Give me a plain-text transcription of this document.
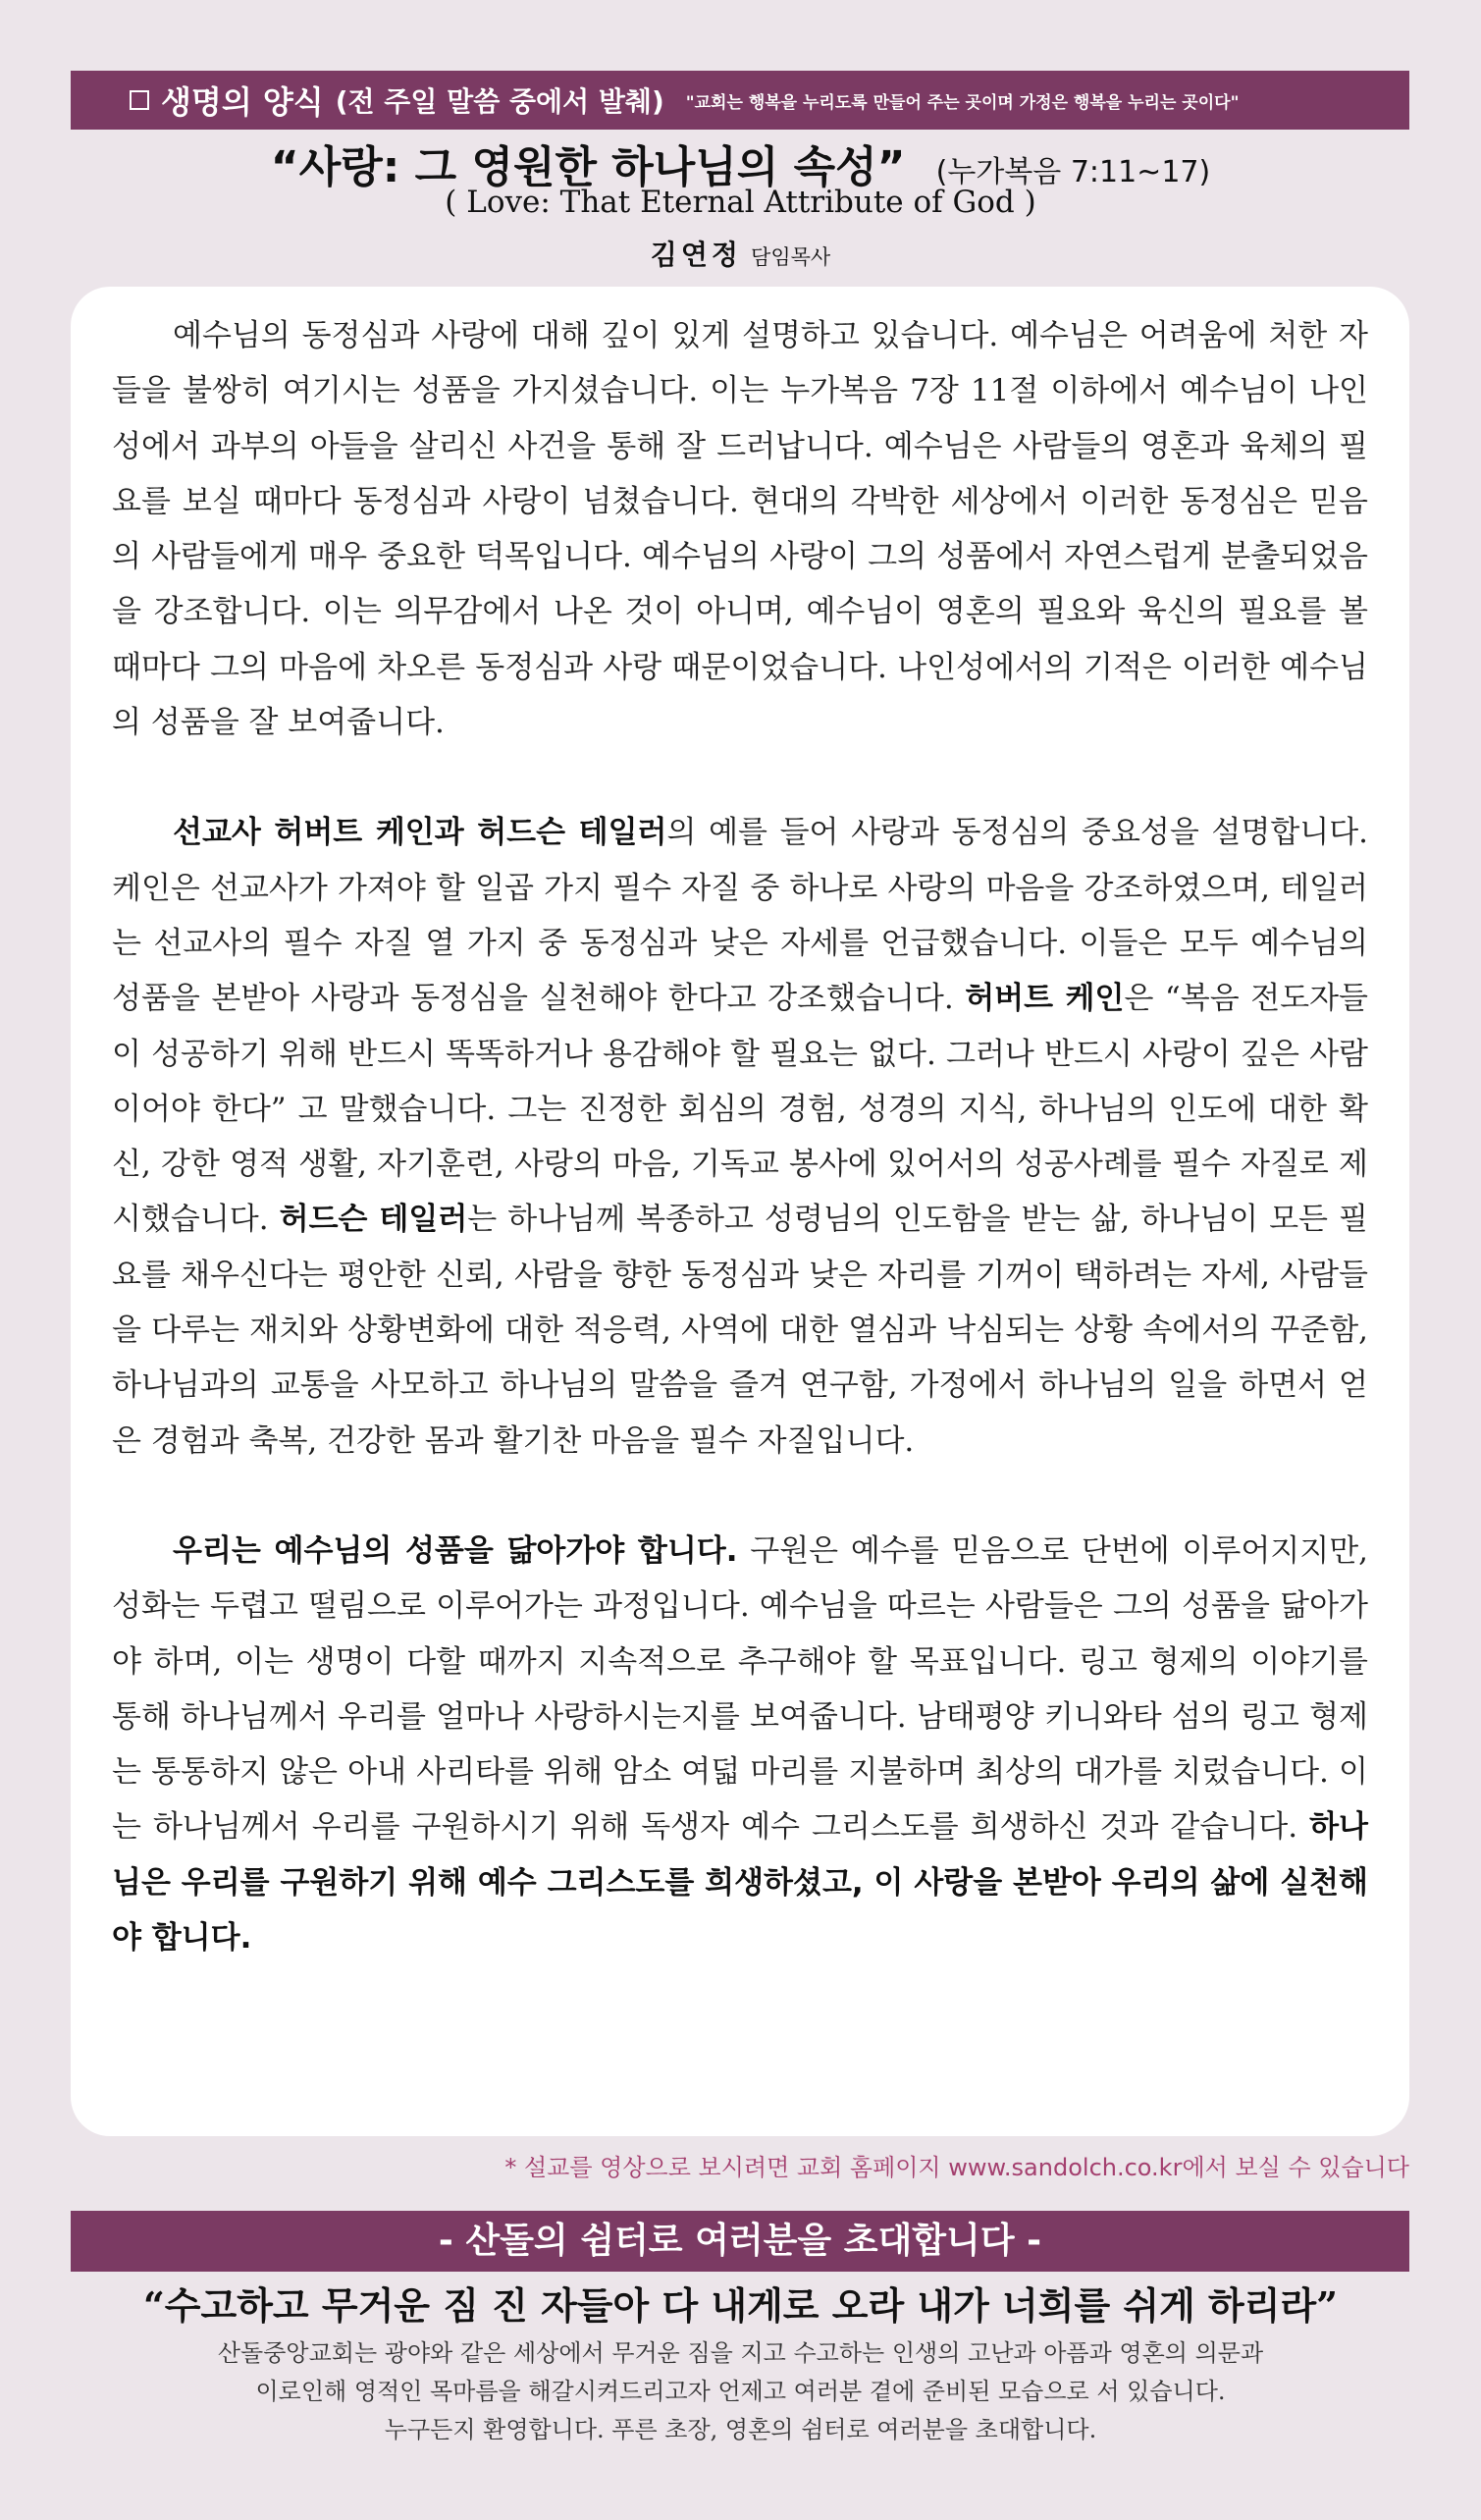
생명의 양식 (전 주일 말씀 중에서 발췌) "교회는 행복을 누리도록 만들어 주는 곳이며 가정은 행복을 누리는 곳이다"
“사랑: 그 영원한 하나님의 속성” (누가복음 7:11~17)
( Love: That Eternal Attribute of God )
김연정 담임목사

예수님의 동정심과 사랑에 대해 깊이 있게 설명하고 있습니다. 예수님은 어려움에 처한 자들을 불쌍히 여기시는 성품을 가지셨습니다. 이는 누가복음 7장 11절 이하에서 예수님이 나인성에서 과부의 아들을 살리신 사건을 통해 잘 드러납니다. 예수님은 사람들의 영혼과 육체의 필요를 보실 때마다 동정심과 사랑이 넘쳤습니다. 현대의 각박한 세상에서 이러한 동정심은 믿음의 사람들에게 매우 중요한 덕목입니다. 예수님의 사랑이 그의 성품에서 자연스럽게 분출되었음을 강조합니다. 이는 의무감에서 나온 것이 아니며, 예수님이 영혼의 필요와 육신의 필요를 볼 때마다 그의 마음에 차오른 동정심과 사랑 때문이었습니다. 나인성에서의 기적은 이러한 예수님의 성품을 잘 보여줍니다.

선교사 허버트 케인과 허드슨 테일러의 예를 들어 사랑과 동정심의 중요성을 설명합니다. 케인은 선교사가 가져야 할 일곱 가지 필수 자질 중 하나로 사랑의 마음을 강조하였으며, 테일러는 선교사의 필수 자질 열 가지 중 동정심과 낮은 자세를 언급했습니다. 이들은 모두 예수님의 성품을 본받아 사랑과 동정심을 실천해야 한다고 강조했습니다. 허버트 케인은 “복음 전도자들이 성공하기 위해 반드시 똑똑하거나 용감해야 할 필요는 없다. 그러나 반드시 사랑이 깊은 사람이어야 한다” 고 말했습니다. 그는 진정한 회심의 경험, 성경의 지식, 하나님의 인도에 대한 확신, 강한 영적 생활, 자기훈련, 사랑의 마음, 기독교 봉사에 있어서의 성공사례를 필수 자질로 제시했습니다. 허드슨 테일러는 하나님께 복종하고 성령님의 인도함을 받는 삶, 하나님이 모든 필요를 채우신다는 평안한 신뢰, 사람을 향한 동정심과 낮은 자리를 기꺼이 택하려는 자세, 사람들을 다루는 재치와 상황변화에 대한 적응력, 사역에 대한 열심과 낙심되는 상황 속에서의 꾸준함, 하나님과의 교통을 사모하고 하나님의 말씀을 즐겨 연구함, 가정에서 하나님의 일을 하면서 얻은 경험과 축복, 건강한 몸과 활기찬 마음을 필수 자질입니다.

우리는 예수님의 성품을 닮아가야 합니다. 구원은 예수를 믿음으로 단번에 이루어지지만, 성화는 두렵고 떨림으로 이루어가는 과정입니다. 예수님을 따르는 사람들은 그의 성품을 닮아가야 하며, 이는 생명이 다할 때까지 지속적으로 추구해야 할 목표입니다. 링고 형제의 이야기를 통해 하나님께서 우리를 얼마나 사랑하시는지를 보여줍니다. 남태평양 키니와타 섬의 링고 형제는 통통하지 않은 아내 사리타를 위해 암소 여덟 마리를 지불하며 최상의 대가를 치렀습니다. 이는 하나님께서 우리를 구원하시기 위해 독생자 예수 그리스도를 희생하신 것과 같습니다. 하나님은 우리를 구원하기 위해 예수 그리스도를 희생하셨고, 이 사랑을 본받아 우리의 삶에 실천해야 합니다.

* 설교를 영상으로 보시려면 교회 홈페이지 www.sandolch.co.kr에서 보실 수 있습니다
- 산돌의 쉼터로 여러분을 초대합니다 -
“수고하고 무거운 짐 진 자들아 다 내게로 오라 내가 너희를 쉬게 하리라”
산돌중앙교회는 광야와 같은 세상에서 무거운 짐을 지고 수고하는 인생의 고난과 아픔과 영혼의 의문과
이로인해 영적인 목마름을 해갈시켜드리고자 언제고 여러분 곁에 준비된 모습으로 서 있습니다.
누구든지 환영합니다. 푸른 초장, 영혼의 쉼터로 여러분을 초대합니다.
